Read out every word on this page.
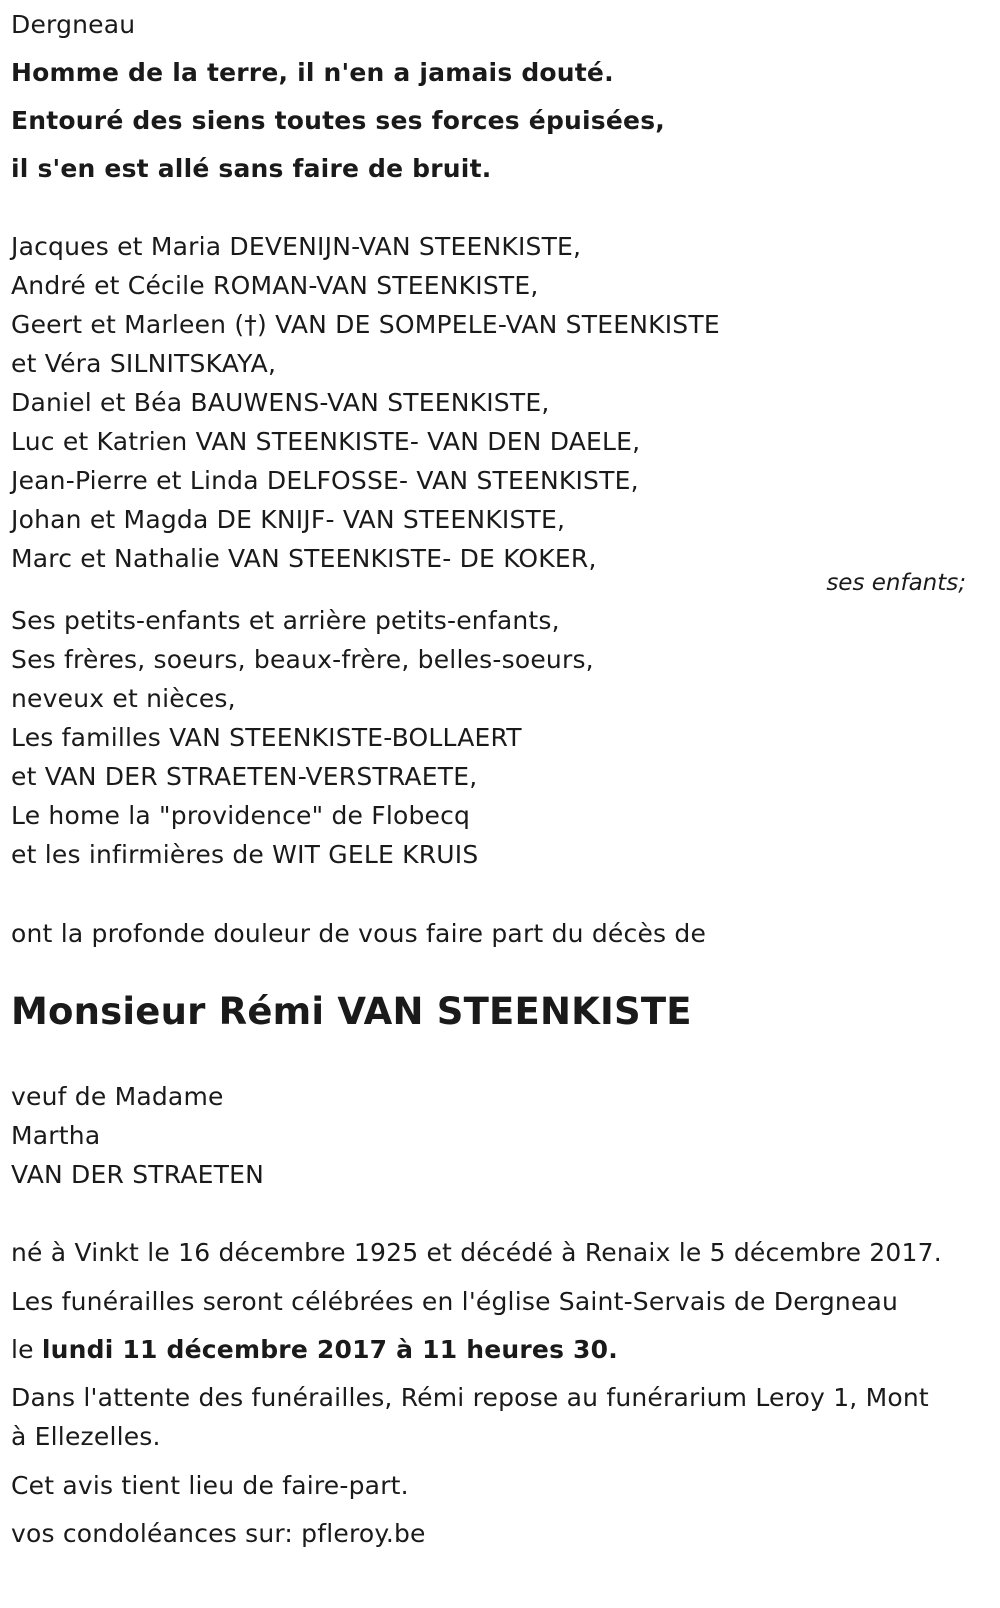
Dergneau
Homme de la terre, il n'en a jamais douté.
Entouré des siens toutes ses forces épuisées,
il s'en est allé sans faire de bruit.
Jacques et Maria DEVENIJN-VAN STEENKISTE,
André et Cécile ROMAN-VAN STEENKISTE,
Geert et Marleen (†) VAN DE SOMPELE-VAN STEENKISTE
et Véra SILNITSKAYA,
Daniel et Béa BAUWENS-VAN STEENKISTE,
Luc et Katrien VAN STEENKISTE- VAN DEN DAELE,
Jean-Pierre et Linda DELFOSSE- VAN STEENKISTE,
Johan et Magda DE KNIJF- VAN STEENKISTE,
Marc et Nathalie VAN STEENKISTE- DE KOKER,
ses enfants;
Ses petits-enfants et arrière petits-enfants,
Ses frères, soeurs, beaux-frère, belles-soeurs,
neveux et nièces,
Les familles VAN STEENKISTE-BOLLAERT
et VAN DER STRAETEN-VERSTRAETE,
Le home la "providence" de Flobecq
et les infirmières de WIT GELE KRUIS
ont la profonde douleur de vous faire part du décès de
Monsieur Rémi VAN STEENKISTE
veuf de Madame
Martha
VAN DER STRAETEN
né à Vinkt le 16 décembre 1925 et décédé à Renaix le 5 décembre 2017.
Les funérailles seront célébrées en l'église Saint-Servais de Dergneau
le lundi 11 décembre 2017 à 11 heures 30.
Dans l'attente des funérailles, Rémi repose au funérarium Leroy 1, Mont
à Ellezelles.
Cet avis tient lieu de faire-part.
vos condoléances sur: pfleroy.be
